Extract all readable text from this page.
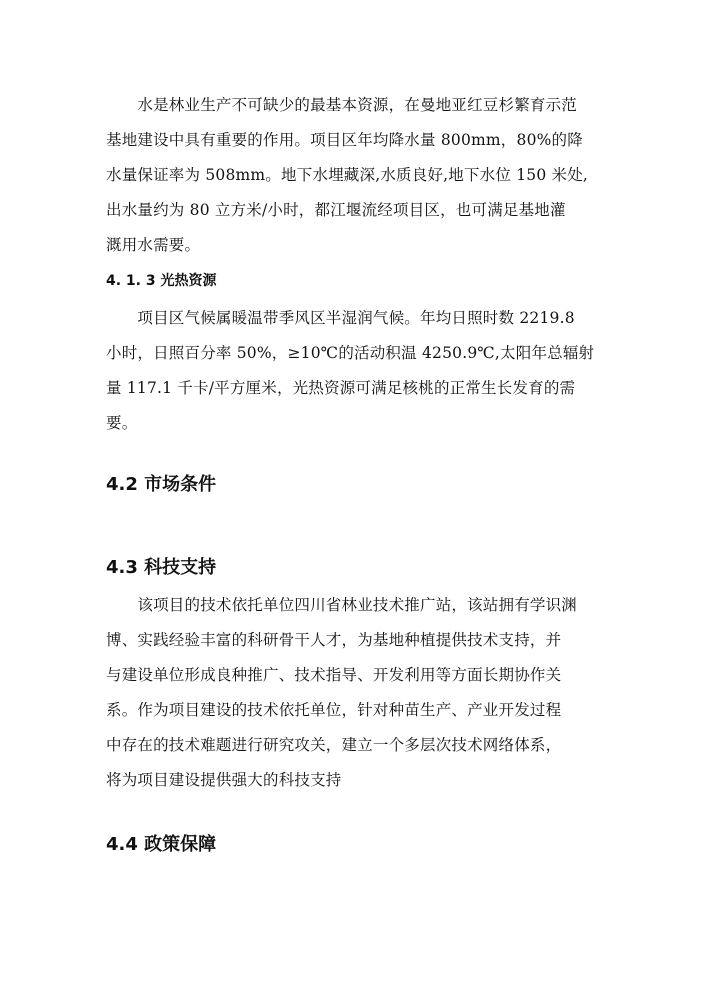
　　水是林业生产不可缺少的最基本资源，在曼地亚红豆杉繁育示范
基地建设中具有重要的作用。项目区年均降水量 800mm，80%的降
水量保证率为 508mm。地下水埋藏深,水质良好,地下水位 150 米处,
出水量约为 80 立方米/小时，都江堰流经项目区，也可满足基地灌
溉用水需要。

4. 1. 3 光热资源

　　项目区气候属暖温带季风区半湿润气候。年均日照时数 2219.8
小时，日照百分率 50%，≥10℃的活动积温 4250.9℃,太阳年总辐射
量 117.1 千卡/平方厘米，光热资源可满足核桃的正常生长发育的需
要。

4.2 市场条件
4.3 科技支持

　　该项目的技术依托单位四川省林业技术推广站，该站拥有学识渊
博、实践经验丰富的科研骨干人才，为基地种植提供技术支持，并
与建设单位形成良种推广、技术指导、开发利用等方面长期协作关
系。作为项目建设的技术依托单位，针对种苗生产、产业开发过程
中存在的技术难题进行研究攻关，建立一个多层次技术网络体系，
将为项目建设提供强大的科技支持

4.4 政策保障
